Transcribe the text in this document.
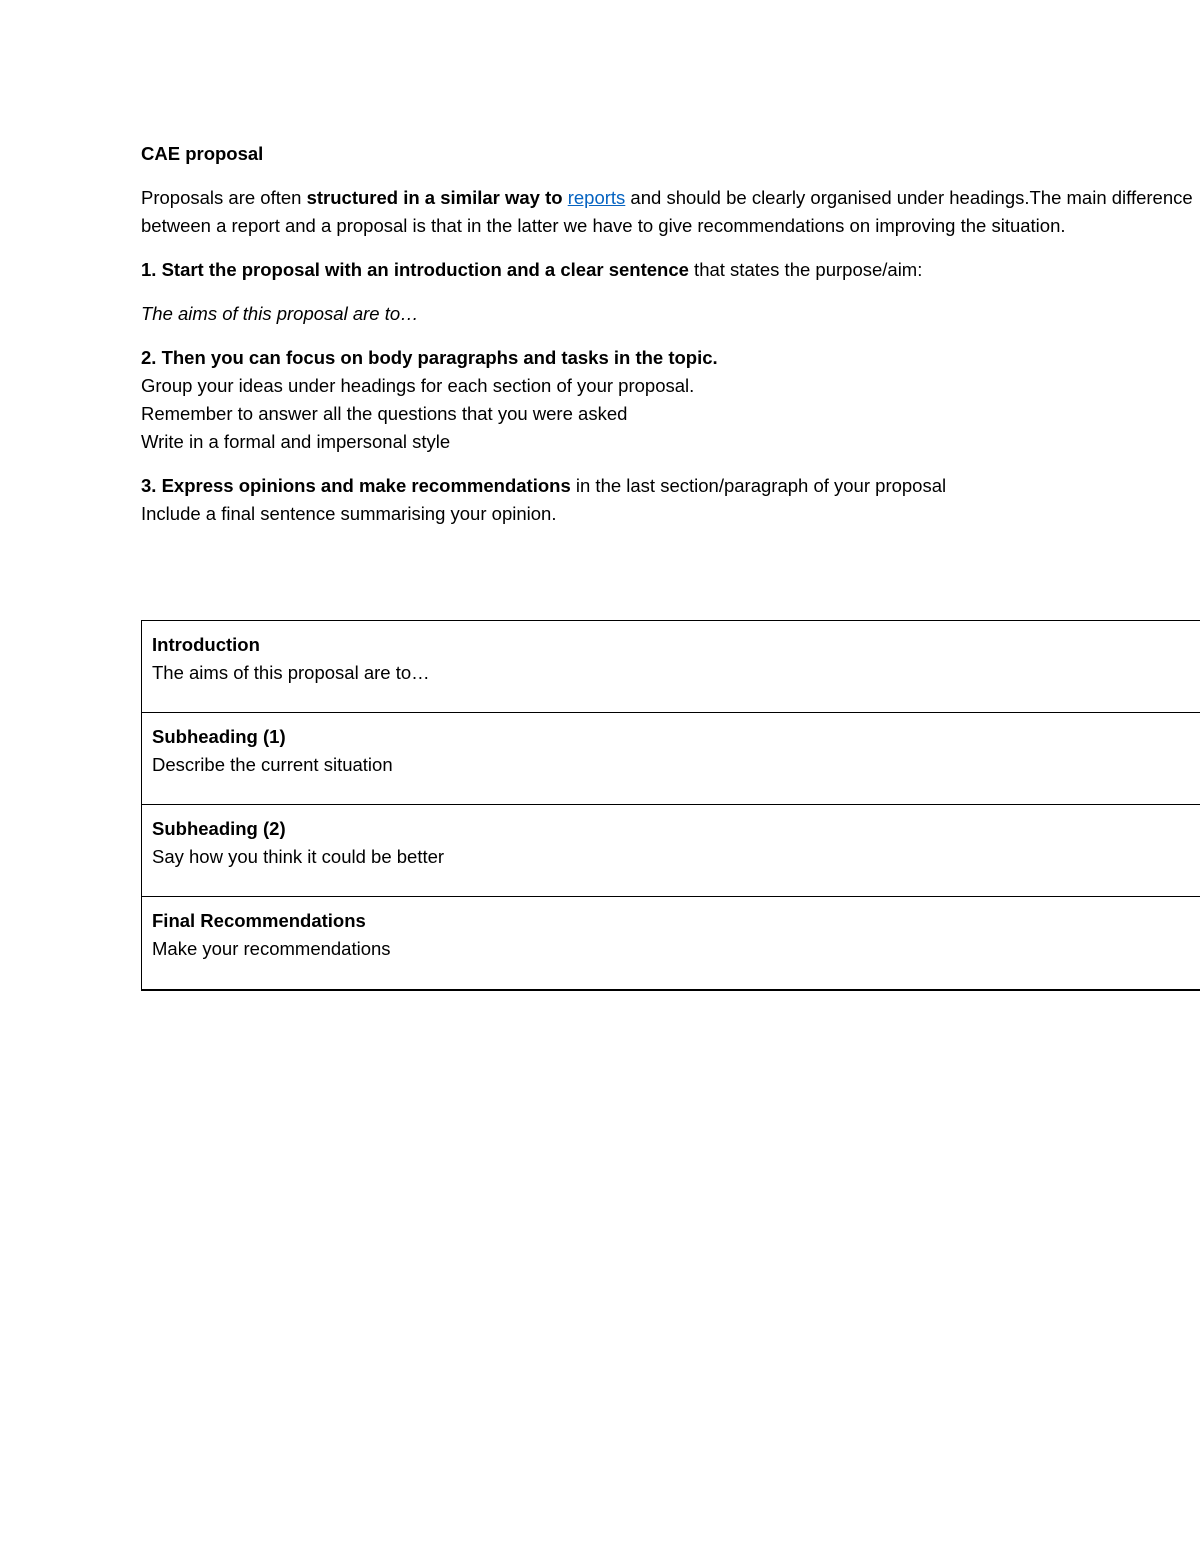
CAE proposal

Proposals are often structured in a similar way to reports and should be clearly organised under headings.The main difference between a report and a proposal is that in the latter we have to give recommendations on improving the situation.

1. Start the proposal with an introduction and a clear sentence that states the purpose/aim:

The aims of this proposal are to…

2. Then you can focus on body paragraphs and tasks in the topic.
Group your ideas under headings for each section of your proposal.
Remember to answer all the questions that you were asked
Write in a formal and impersonal style

3. Express opinions and make recommendations in the last section/paragraph of your proposal
Include a final sentence summarising your opinion.

Introduction
The aims of this proposal are to…
Subheading (1)
Describe the current situation
Subheading (2)
Say how you think it could be better
Final Recommendations
Make your recommendations
